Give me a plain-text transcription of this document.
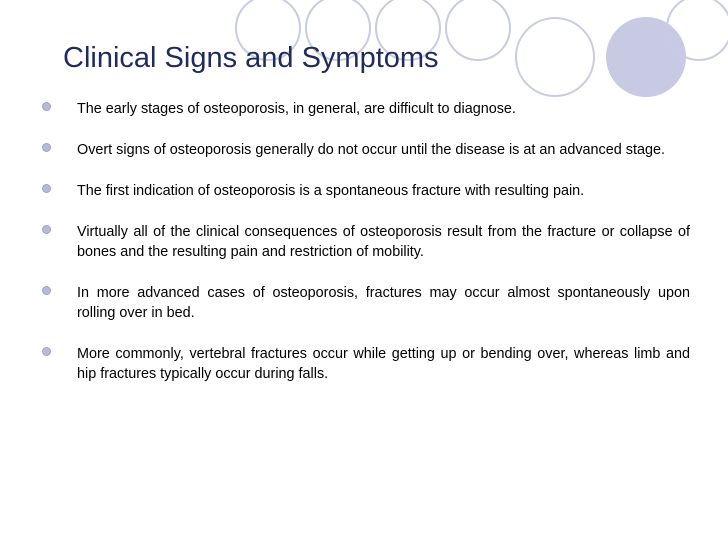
Clinical Signs and Symptoms
The early stages of osteoporosis, in general, are difficult to diagnose.
Overt signs of osteoporosis generally do not occur until the disease is at an advanced stage.
The first indication of osteoporosis is a spontaneous fracture with resulting pain.
Virtually all of the clinical consequences of osteoporosis result from the fracture or collapse of bones and the resulting pain and restriction of mobility.
In more advanced cases of osteoporosis, fractures may occur almost spontaneously upon rolling over in bed.
More commonly, vertebral fractures occur while getting up or bending over, whereas limb and hip fractures typically occur during falls.
